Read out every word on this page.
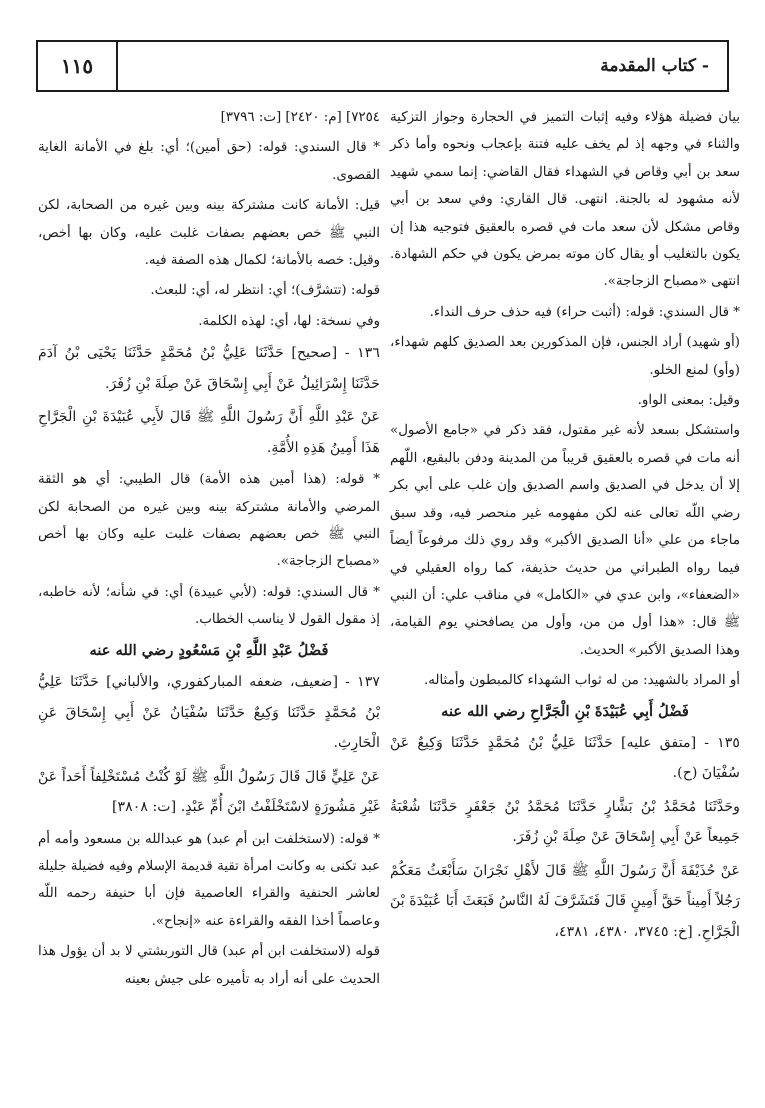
١١٥	- كتاب المقدمة

بيان فضيلة هؤلاء وفيه إثبات التميز في الحجارة وجواز التزكية والثناء في وجهه إذ لم يخف عليه فتنة بإعجاب ونحوه وأما ذكر سعد بن أبي وقاص في الشهداء فقال القاضي: إنما سمي شهيد لأنه مشهود له بالجنة. انتهى. قال القاري: وفي سعد بن أبي وقاص مشكل لأن سعد مات في قصره بالعقيق فتوجيه هذا إن يكون بالتغليب أو يقال كان موته بمرض يكون في حكم الشهادة. انتهى «مصباح الزجاجة».

* قال السندي: قوله: (أثبت حراء) فيه حذف حرف النداء.

(أو شهيد) أراد الجنس، فإن المذكورين بعد الصديق كلهم شهداء، (وأو) لمنع الخلو.

وقيل: بمعنى الواو.

واستشكل بسعد لأنه غير مقتول، فقد ذكر في «جامع الأصول» أنه مات في قصره بالعقيق قريباً من المدينة ودفن بالبقيع، اللّهم إلا أن يدخل في الصديق واسم الصديق وإن غلب على أبي بكر رضي اللّه تعالى عنه لكن مفهومه غير منحصر فيه، وقد سبق ماجاء من علي «أنا الصديق الأكبر» وقد روي ذلك مرفوعاً أيضاً فيما رواه الطبراني من حديث حذيفة، كما رواه العقيلي في «الضعفاء»، وابن عدي في «الكامل» في مناقب علي: أن النبي ﷺ قال: «هذا أول من من، وأول من يصافحني يوم القيامة، وهذا الصديق الأكبر» الحديث.

أو المراد بالشهيد: من له ثواب الشهداء كالمبطون وأمثاله.

فَضْلُ أَبِي عُبَيْدَةَ بْنِ الْجَرَّاحِ رضي الله عنه

١٣٥ - [متفق عليه] حَدَّثَنَا عَلِيُّ بْنُ مُحَمَّدٍ حَدَّثَنَا وَكِيعٌ عَنْ سُفْيَانَ (ح).

وحَدَّثَنَا مُحَمَّدُ بْنُ بَشَّارٍ حَدَّثَنَا مُحَمَّدُ بْنُ جَعْفَرٍ حَدَّثَنَا شُعْبَةُ جَمِيعاً عَنْ أَبِي إِسْحَاقَ عَنْ صِلَةَ بْنِ زُفَرَ.

عَنْ حُذَيْفَةَ أَنَّ رَسُولَ اللَّهِ ﷺ قَالَ لأَهْلِ نَجْرَانَ سَأَبْعَثُ مَعَكُمْ رَجُلاً أَمِيناً حَقَّ أَمِينٍ قَالَ فَتَشَرَّفَ لَهُ النَّاسُ فَبَعَثَ أَبَا عُبَيْدَةَ بْنَ الْجَرَّاحِ. [خ: ٣٧٤٥، ٤٣٨٠، ٤٣٨١،

٧٢٥٤] [م: ٢٤٢٠] [ت: ٣٧٩٦]

* قال السندي: قوله: (حق أمين)؛ أي: بلغ في الأمانة الغاية القصوى.

قيل: الأمانة كانت مشتركة بينه وبين غيره من الصحابة، لكن النبي ﷺ خص بعضهم بصفات غلبت عليه، وكان بها أخص، وقيل: خصه بالأمانة؛ لكمال هذه الصفة فيه.

قوله: (تتشرَّف)؛ أي: انتظر له، أي: للبعث.

وفي نسخة: لها، أي: لهذه الكلمة.

١٣٦ - [صحيح] حَدَّثَنَا عَلِيُّ بْنُ مُحَمَّدٍ حَدَّثَنَا يَحْيَى بْنُ آدَمَ حَدَّثَنَا إِسْرَائِيلُ عَنْ أَبِي إِسْحَاقَ عَنْ صِلَةَ بْنِ زُفَرَ.

عَنْ عَبْدِ اللَّهِ أَنَّ رَسُولَ اللَّهِ ﷺ قَالَ لأَبِي عُبَيْدَةَ بْنِ الْجَرَّاحِ هَذَا أَمِينُ هَذِهِ الأُمَّةِ.

* قوله: (هذا أمين هذه الأمة) قال الطيبي: أي هو الثقة المرضي والأمانة مشتركة بينه وبين غيره من الصحابة لكن النبي ﷺ خص بعضهم بصفات غلبت عليه وكان بها أخص «مصباح الزجاجة».

* قال السندي: قوله: (لأبي عبيدة) أي: في شأنه؛ لأنه خاطبه، إذ مقول القول لا يناسب الخطاب.

فَضْلُ عَبْدِ اللَّهِ بْنِ مَسْعُودٍ رضي الله عنه

١٣٧ - [ضعيف، ضعفه المباركفوري، والألباني] حَدَّثَنَا عَلِيُّ بْنُ مُحَمَّدٍ حَدَّثَنَا وَكِيعٌ حَدَّثَنَا سُفْيَانُ عَنْ أَبِي إِسْحَاقَ عَنِ الْحَارِثِ.

عَنْ عَلِيٍّ قَالَ قَالَ رَسُولُ اللَّهِ ﷺ لَوْ كُنْتُ مُسْتَخْلِفاً أَحَداً عَنْ غَيْرِ مَشُورَةٍ لاسْتَخْلَفْتُ ابْنَ أُمِّ عَبْدٍ. [ت: ٣٨٠٨]

* قوله: (لاستخلفت ابن أم عبد) هو عبدالله بن مسعود وأمه أم عبد تكنى به وكانت امرأة تقية قديمة الإسلام وفيه فضيلة جليلة لعاشر الحنفية والقراء العاصمية فإن أبا حنيفة رحمه اللّه وعاصماً أخذا الفقه والقراءة عنه «إنجاح».

قوله (لاستخلفت ابن أم عبد) قال التوربشتي لا بد أن يؤول هذا الحديث على أنه أراد به تأميره على جيش بعينه
